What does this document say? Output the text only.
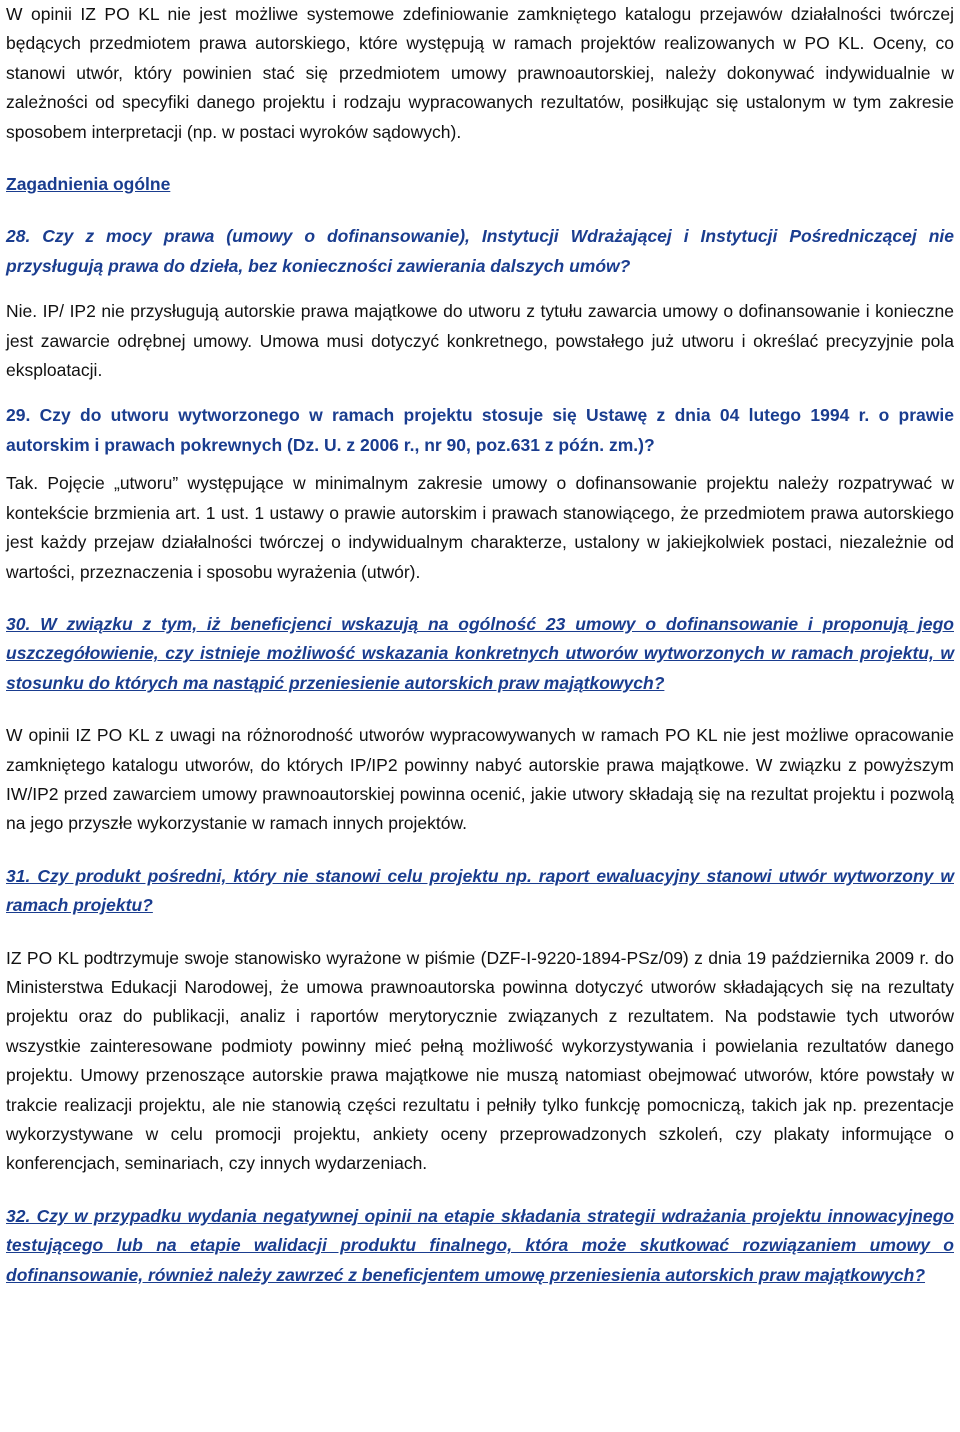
W opinii IZ PO KL nie jest możliwe systemowe zdefiniowanie zamkniętego katalogu przejawów działalności twórczej będących przedmiotem prawa autorskiego, które występują w ramach projektów realizowanych w PO KL. Oceny, co stanowi utwór, który powinien stać się przedmiotem umowy prawnoautorskiej, należy dokonywać indywidualnie w zależności od specyfiki danego projektu i rodzaju wypracowanych rezultatów, posiłkując się ustalonym w tym zakresie sposobem interpretacji (np. w postaci wyroków sądowych).

Zagadnienia ogólne

28. Czy z mocy prawa (umowy o dofinansowanie), Instytucji Wdrażającej i Instytucji Pośredniczącej nie przysługują prawa do dzieła, bez konieczności zawierania dalszych umów?

Nie. IP/ IP2 nie przysługują autorskie prawa majątkowe do utworu z tytułu zawarcia umowy o dofinansowanie i konieczne jest zawarcie odrębnej umowy. Umowa musi dotyczyć konkretnego, powstałego już utworu i określać precyzyjnie pola eksploatacji.

29. Czy do utworu wytworzonego w ramach projektu stosuje się Ustawę z dnia 04 lutego 1994 r. o prawie autorskim i prawach pokrewnych (Dz. U. z 2006 r., nr 90, poz.631 z późn. zm.)?

Tak. Pojęcie „utworu” występujące w minimalnym zakresie umowy o dofinansowanie projektu należy rozpatrywać w kontekście brzmienia art. 1 ust. 1 ustawy o prawie autorskim i prawach stanowiącego, że przedmiotem prawa autorskiego jest każdy przejaw działalności twórczej o indywidualnym charakterze, ustalony w jakiejkolwiek postaci, niezależnie od wartości, przeznaczenia i sposobu wyrażenia (utwór).

30. W związku z tym, iż beneficjenci wskazują na ogólność 23 umowy o dofinansowanie i proponują jego uszczegółowienie, czy istnieje możliwość wskazania konkretnych utworów wytworzonych w ramach projektu, w stosunku do których ma nastąpić przeniesienie autorskich praw majątkowych?

W opinii IZ PO KL z uwagi na różnorodność utworów wypracowywanych w ramach PO KL nie jest możliwe opracowanie zamkniętego katalogu utworów, do których IP/IP2 powinny nabyć autorskie prawa majątkowe. W związku z powyższym IW/IP2 przed zawarciem umowy prawnoautorskiej powinna ocenić, jakie utwory składają się na rezultat projektu i pozwolą na jego przyszłe wykorzystanie w ramach innych projektów.

31. Czy produkt pośredni, który nie stanowi celu projektu np. raport ewaluacyjny stanowi utwór wytworzony w ramach projektu?

IZ PO KL podtrzymuje swoje stanowisko wyrażone w piśmie (DZF-I-9220-1894-PSz/09) z dnia 19 października 2009 r. do Ministerstwa Edukacji Narodowej, że umowa prawnoautorska powinna dotyczyć utworów składających się na rezultaty projektu oraz do publikacji, analiz i raportów merytorycznie związanych z rezultatem. Na podstawie tych utworów wszystkie zainteresowane podmioty powinny mieć pełną możliwość wykorzystywania i powielania rezultatów danego projektu. Umowy przenoszące autorskie prawa majątkowe nie muszą natomiast obejmować utworów, które powstały w trakcie realizacji projektu, ale nie stanowią części rezultatu i pełniły tylko funkcję pomocniczą, takich jak np. prezentacje wykorzystywane w celu promocji projektu, ankiety oceny przeprowadzonych szkoleń, czy plakaty informujące o konferencjach, seminariach, czy innych wydarzeniach.

32. Czy w przypadku wydania negatywnej opinii na etapie składania strategii wdrażania projektu innowacyjnego testującego lub na etapie walidacji produktu finalnego, która może skutkować rozwiązaniem umowy o dofinansowanie, również należy zawrzeć z beneficjentem umowę przeniesienia autorskich praw majątkowych?
